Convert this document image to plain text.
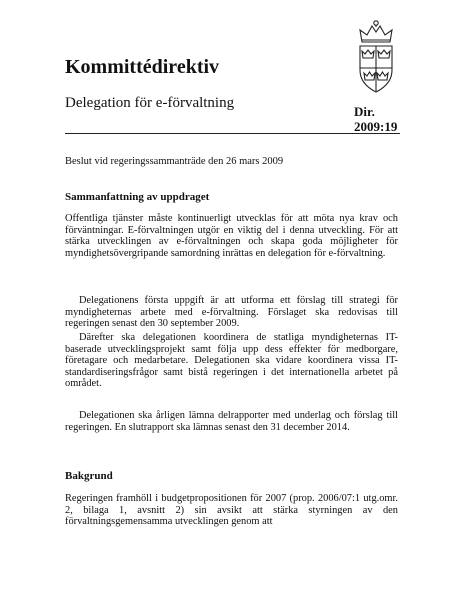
Kommittédirektiv
Delegation för e-förvaltning
Dir.
2009:19
Beslut vid regeringssammanträde den 26 mars 2009
Sammanfattning av uppdraget

Offentliga tjänster måste kontinuerligt utvecklas för att möta nya krav och förväntningar. E-förvaltningen utgör en viktig del i denna utveckling. För att stärka utvecklingen av e-förvaltningen och skapa goda möjligheter för myndighetsövergripande samordning inrättas en delegation för e-förvaltning.

Delegationens första uppgift är att utforma ett förslag till strategi för myndigheternas arbete med e-förvaltning. Förslaget ska redovisas till regeringen senast den 30 september 2009.

Därefter ska delegationen koordinera de statliga myndigheternas IT-baserade utvecklingsprojekt samt följa upp dess effekter för medborgare, företagare och medarbetare. Delegationen ska vidare koordinera vissa IT-standardiseringsfrågor samt bistå regeringen i det internationella arbetet på området.

Delegationen ska årligen lämna delrapporter med underlag och förslag till regeringen. En slutrapport ska lämnas senast den 31 december 2014.

Bakgrund

Regeringen framhöll i budgetpropositionen för 2007 (prop. 2006/07:1 utg.omr. 2, bilaga 1, avsnitt 2) sin avsikt att stärka styrningen av den förvaltningsgemensamma utvecklingen genom att
